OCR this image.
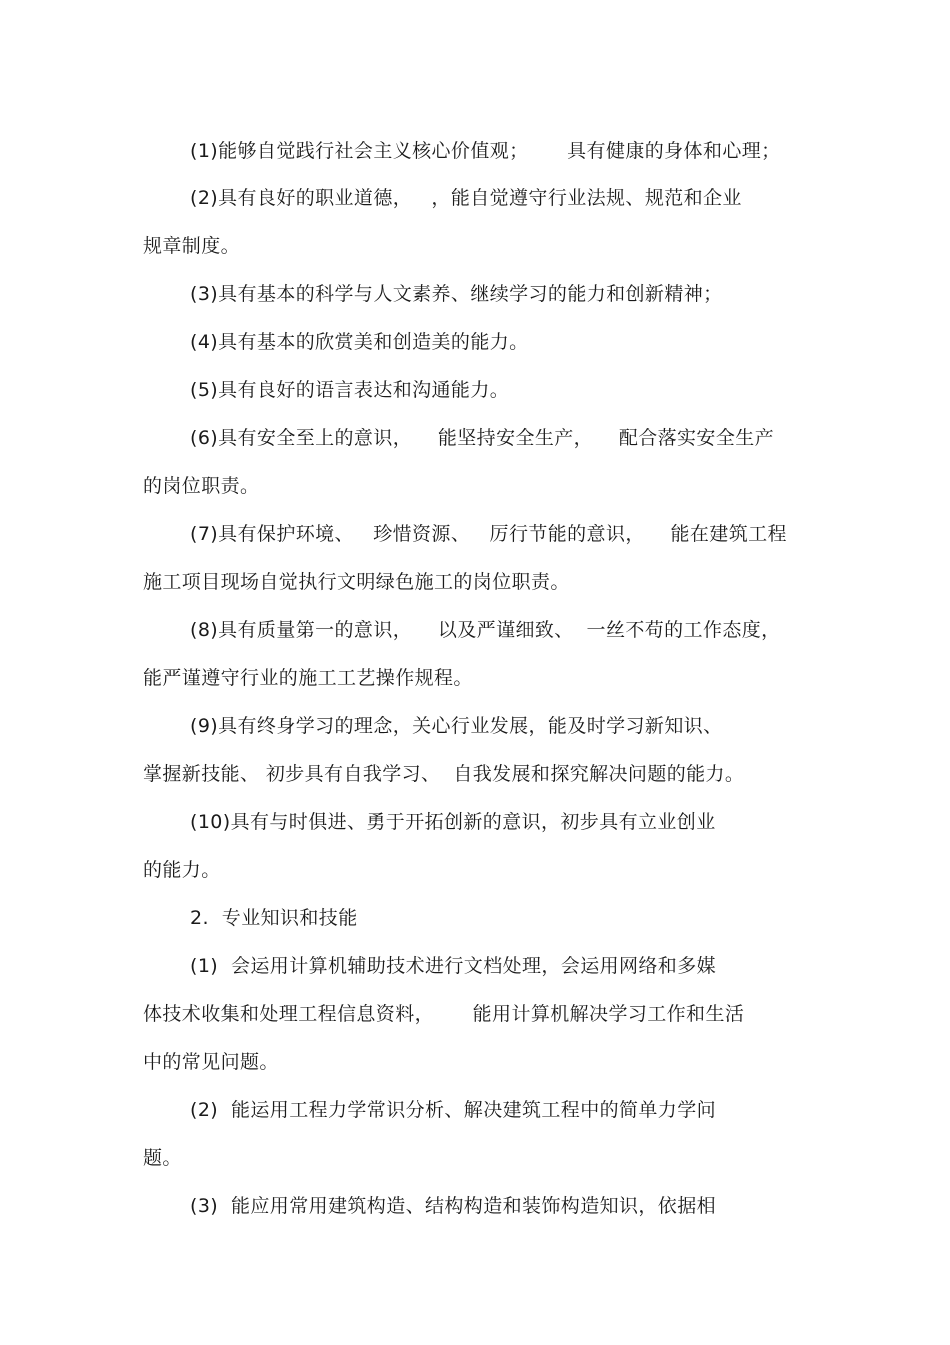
(1)能够自觉践行社会主义核心价值观；      具有健康的身体和心理；
(2)具有良好的职业道德，   ，能自觉遵守行业法规、规范和企业
规章制度。
(3)具有基本的科学与人文素养、继续学习的能力和创新精神；
(4)具有基本的欣赏美和创造美的能力。
(5)具有良好的语言表达和沟通能力。
(6)具有安全至上的意识，    能坚持安全生产，    配合落实安全生产
的岗位职责。
(7)具有保护环境、   珍惜资源、   厉行节能的意识，    能在建筑工程
施工项目现场自觉执行文明绿色施工的岗位职责。
(8)具有质量第一的意识，    以及严谨细致、  一丝不苟的工作态度，
能严谨遵守行业的施工工艺操作规程。
(9)具有终身学习的理念，关心行业发展，能及时学习新知识、
掌握新技能、 初步具有自我学习、  自我发展和探究解决问题的能力。
(10)具有与时俱进、勇于开拓创新的意识，初步具有立业创业
的能力。
2.  专业知识和技能
(1)  会运用计算机辅助技术进行文档处理，会运用网络和多媒
体技术收集和处理工程信息资料，      能用计算机解决学习工作和生活
中的常见问题。
(2)  能运用工程力学常识分析、解决建筑工程中的简单力学问
题。
(3)  能应用常用建筑构造、结构构造和装饰构造知识，依据相
